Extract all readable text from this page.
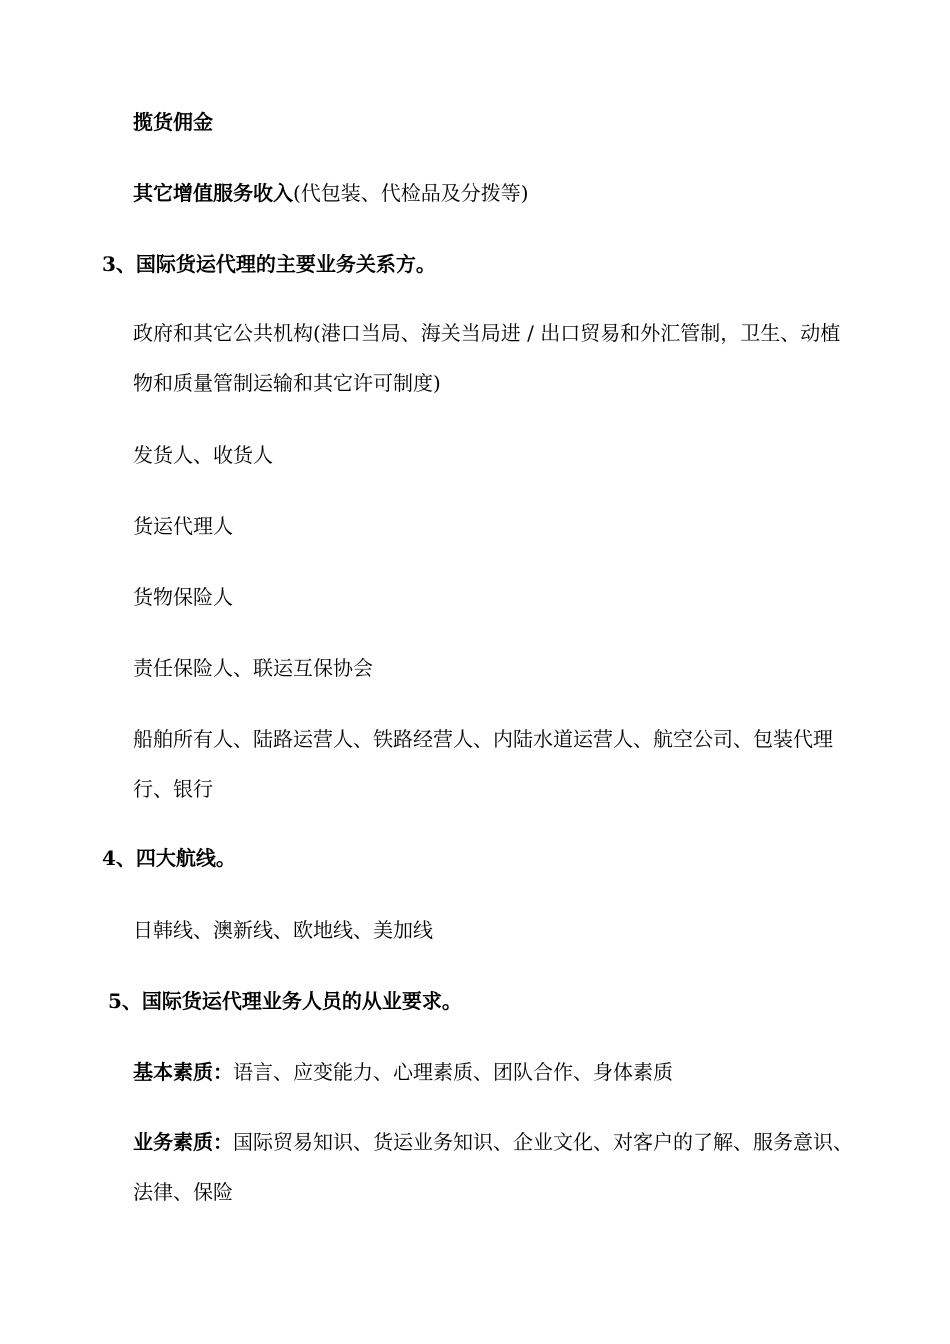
揽货佣金
其它增值服务收入(代包装、代检品及分拨等)
3、国际货运代理的主要业务关系方。
政府和其它公共机构(港口当局、海关当局进 / 出口贸易和外汇管制，卫生、动植物和质量管制运输和其它许可制度)
发货人、收货人
货运代理人
货物保险人
责任保险人、联运互保协会
船舶所有人、陆路运营人、铁路经营人、内陆水道运营人、航空公司、包装代理行、银行
4、四大航线。
日韩线、澳新线、欧地线、美加线
5、国际货运代理业务人员的从业要求。
基本素质：语言、应变能力、心理素质、团队合作、身体素质
业务素质：国际贸易知识、货运业务知识、企业文化、对客户的了解、服务意识、法律、保险
